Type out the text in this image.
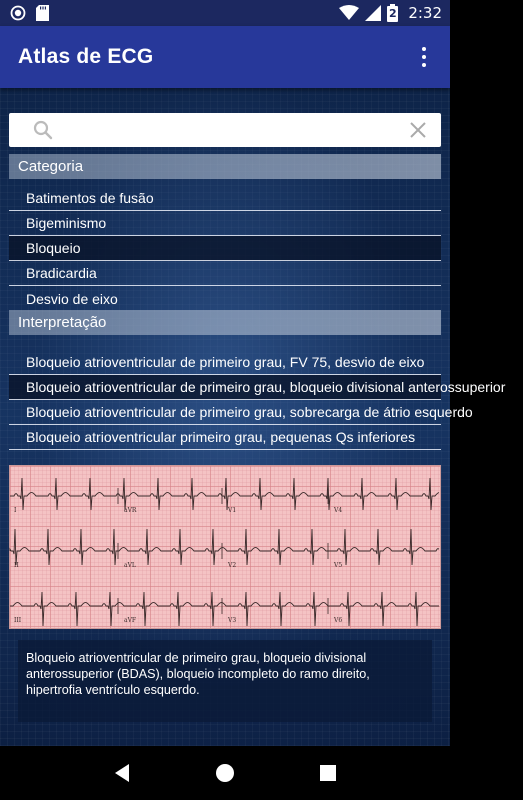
2 2:32
Atlas de ECG
Categoria
Batimentos de fusão
Bigeminismo
Bloqueio
Bradicardia
Desvio de eixo
Interpretação
Bloqueio atrioventricular de primeiro grau, FV 75, desvio de eixo
Bloqueio atrioventricular de primeiro grau, bloqueio divisional anterossuperior
Bloqueio atrioventricular de primeiro grau, sobrecarga de átrio esquerdo
Bloqueio atrioventricular primeiro grau, pequenas Qs inferiores
I	aVR	V1	V4
II	aVL	V2	V5
III	aVF	V3	V6
Bloqueio atrioventricular de primeiro grau, bloqueio divisional anterossuperior (BDAS), bloqueio incompleto do ramo direito, hipertrofia ventrículo esquerdo.
